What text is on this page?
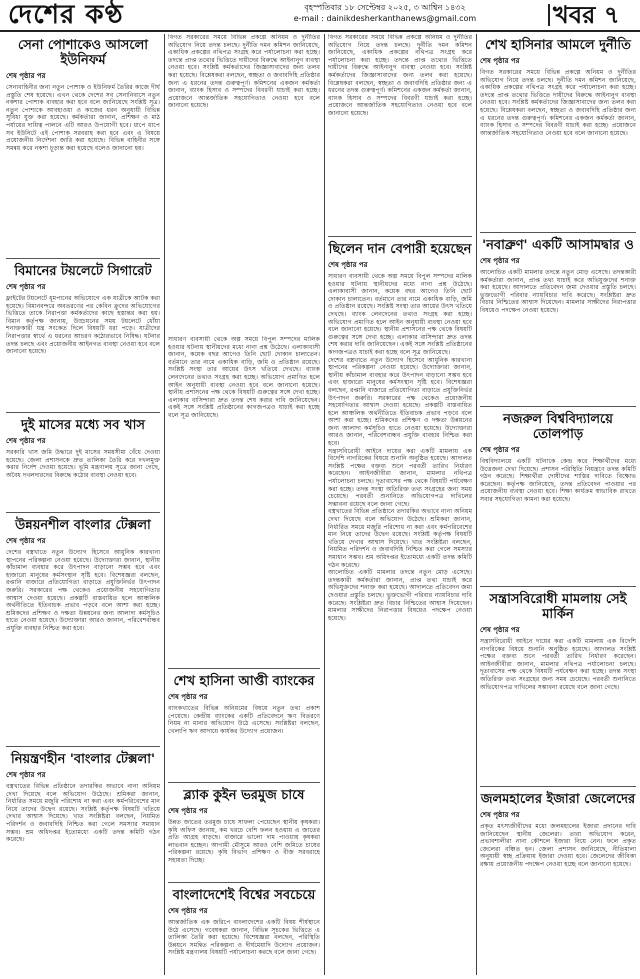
দেশের কণ্ঠ	বৃহস্পতিবার ১৮ সেপ্টেম্বর ২০২৫, ৩ আশ্বিন ১৪৩২
e-mail : dainikdesherkanthanews@gmail.com	খবর ৭
সেনা পোশাকেও আসলো ইউনিফর্ম
শেষ পৃষ্ঠার পর

সেনাবাহিনীর জন্য নতুন পোশাক ও ইউনিফর্ম তৈরির কাজে দীর্ঘ প্রস্তুতি শেষ হয়েছে। এখন থেকে দেশের সব সেনানিবাসে নতুন নকশার পোশাক ব্যবহার করা হবে বলে জানিয়েছে সংশ্লিষ্ট সূত্র। নতুন পোশাকে আবহাওয়া ও কাজের ধরন অনুযায়ী বিভিন্ন সুবিধা যুক্ত করা হয়েছে। কর্মকর্তারা জানান, প্রশিক্ষণ ও মাঠ পর্যায়ের দায়িত্ব পালনে এটি আরও উপযোগী হবে। ধাপে ধাপে সব ইউনিটে এই পোশাক সরবরাহ করা হবে এবং এ বিষয়ে প্রয়োজনীয় নির্দেশনা জারি করা হয়েছে। বিভিন্ন বাহিনীর সঙ্গে সমন্বয় করে নকশা চূড়ান্ত করা হয়েছে বলেও জানানো হয়।

বিমানের টয়লেটে সিগারেট
শেষ পৃষ্ঠার পর

ফ্লাইটের টয়লেটে ধূমপানের অভিযোগে এক যাত্রীকে আটক করা হয়েছে। বিমানবন্দরে অবতরণের পর কেবিন ক্রুদের অভিযোগের ভিত্তিতে তাকে নিরাপত্তা কর্মকর্তাদের কাছে হস্তান্তর করা হয়। বিমান কর্তৃপক্ষ জানায়, উড্ডয়নের সময় টয়লেটে ধোঁয়া শনাক্তকারী যন্ত্র সংকেত দিলে বিষয়টি ধরা পড়ে। যাত্রীদের নিরাপত্তার স্বার্থে এ ধরনের আচরণ কঠোরভাবে নিষিদ্ধ। ঘটনার তদন্ত চলছে এবং প্রয়োজনীয় আইনগত ব্যবস্থা নেওয়া হবে বলে জানানো হয়েছে।

দুই মাসের মধ্যে সব খাস
শেষ পৃষ্ঠার পর

সরকারি খাস জমি উদ্ধারে দুই মাসের সময়সীমা বেঁধে দেওয়া হয়েছে। জেলা প্রশাসনকে দ্রুত তালিকা তৈরি করে দখলমুক্ত করার নির্দেশ দেওয়া হয়েছে। ভূমি মন্ত্রণালয় সূত্রে জানা গেছে, অবৈধ দখলদারদের বিরুদ্ধে কঠোর ব্যবস্থা নেওয়া হবে।

উন্নয়নশীল বাংলার টেক্সলা
শেষ পৃষ্ঠার পর

দেশের বস্ত্রখাতে নতুন উদ্যোগ হিসেবে আধুনিক কারখানা স্থাপনের পরিকল্পনা নেওয়া হয়েছে। উদ্যোক্তারা জানান, স্থানীয় কাঁচামাল ব্যবহার করে উৎপাদন বাড়ানো সম্ভব হবে এবং হাজারো মানুষের কর্মসংস্থান সৃষ্টি হবে। বিশেষজ্ঞরা বলছেন, রপ্তানি বাজারে প্রতিযোগিতা বাড়াতে প্রযুক্তিনির্ভর উৎপাদন জরুরি। সরকারের পক্ষ থেকেও প্রয়োজনীয় সহযোগিতার আশ্বাস দেওয়া হয়েছে। প্রকল্পটি বাস্তবায়িত হলে আঞ্চলিক অর্থনীতিতে ইতিবাচক প্রভাব পড়বে বলে আশা করা হচ্ছে। শ্রমিকদের প্রশিক্ষণ ও দক্ষতা উন্নয়নের জন্য আলাদা কর্মসূচিও হাতে নেওয়া হয়েছে। উদ্যোক্তারা আরও জানান, পরিবেশবান্ধব প্রযুক্তি ব্যবহার নিশ্চিত করা হবে।

নিয়ন্ত্রণহীন 'বাংলার টেক্সলা'
শেষ পৃষ্ঠার পর

বস্ত্রখাতের বিভিন্ন প্রতিষ্ঠানে তদারকির অভাবে নানা অনিয়ম দেখা দিয়েছে বলে অভিযোগ উঠেছে। শ্রমিকরা জানান, নির্ধারিত সময়ে মজুরি পরিশোধ না করা এবং কর্মপরিবেশের মান নিয়ে তাদের উদ্বেগ রয়েছে। সংশ্লিষ্ট কর্তৃপক্ষ বিষয়টি খতিয়ে দেখার আশ্বাস দিয়েছে। খাত সংশ্লিষ্টরা বলছেন, নিয়মিত পরিদর্শন ও জবাবদিহি নিশ্চিত করা গেলে সমস্যার সমাধান সম্ভব। শ্রম অধিদপ্তর ইতোমধ্যে একটি তদন্ত কমিটি গঠন করেছে।

বিগত সরকারের সময়ে বিভিন্ন প্রকল্পে অনিয়ম ও দুর্নীতির অভিযোগ নিয়ে তদন্ত চলছে। দুর্নীতি দমন কমিশন জানিয়েছে, একাধিক প্রকল্পের নথিপত্র সংগ্রহ করে পর্যালোচনা করা হচ্ছে। তদন্তে প্রাপ্ত তথ্যের ভিত্তিতে দায়ীদের বিরুদ্ধে আইনানুগ ব্যবস্থা নেওয়া হবে। সংশ্লিষ্ট কর্মকর্তাদের জিজ্ঞাসাবাদের জন্য তলব করা হয়েছে। বিশ্লেষকরা বলছেন, স্বচ্ছতা ও জবাবদিহি প্রতিষ্ঠার জন্য এ ধরনের তদন্ত গুরুত্বপূর্ণ। কমিশনের একজন কর্মকর্তা জানান, ব্যাংক হিসাব ও সম্পদের বিবরণী যাচাই করা হচ্ছে। প্রয়োজনে আন্তর্জাতিক সহযোগিতাও নেওয়া হবে বলে জানানো হয়েছে।

সাধারণ ব্যবসায়ী থেকে অল্প সময়ে বিপুল সম্পদের মালিক হওয়ার ঘটনায় স্থানীয়দের মধ্যে নানা প্রশ্ন উঠেছে। এলাকাবাসী জানান, কয়েক বছর আগেও তিনি ছোট দোকান চালাতেন। বর্তমানে তার নামে একাধিক বাড়ি, জমি ও প্রতিষ্ঠান রয়েছে। সংশ্লিষ্ট সংস্থা তার আয়ের উৎস খতিয়ে দেখছে। ব্যাংক লেনদেনের তথ্যও সংগ্রহ করা হচ্ছে। অভিযোগ প্রমাণিত হলে আইন অনুযায়ী ব্যবস্থা নেওয়া হবে বলে জানানো হয়েছে। স্থানীয় প্রশাসনের পক্ষ থেকে বিষয়টি গুরুত্বের সঙ্গে দেখা হচ্ছে। এলাকার বাসিন্দারা দ্রুত তদন্ত শেষ করার দাবি জানিয়েছেন। একই সঙ্গে সংশ্লিষ্ট প্রতিষ্ঠানের কাগজপত্রও যাচাই করা হচ্ছে বলে সূত্র জানিয়েছে।

শেখ হাসিনা আপ্তী ব্যাংকের
শেষ পৃষ্ঠার পর

ব্যাংকখাতের বিভিন্ন অনিয়মের বিষয়ে নতুন তথ্য প্রকাশ পেয়েছে। কেন্দ্রীয় ব্যাংকের একটি প্রতিবেদনে ঋণ বিতরণে নিয়ম না মানার অভিযোগ উঠে এসেছে। সংশ্লিষ্টরা বলছেন, খেলাপি ঋণ আদায়ে কার্যকর উদ্যোগ প্রয়োজন।

ব্ল্যাক কুইন ভরমুজ চাষে
শেষ পৃষ্ঠার পর

উন্নত জাতের তরমুজ চাষে সাফল্য পেয়েছেন স্থানীয় কৃষকরা। কৃষি অফিস জানায়, কম খরচে বেশি ফলন হওয়ায় এ জাতের প্রতি আগ্রহ বাড়ছে। বাজারে ভালো দাম পাওয়ায় কৃষকরা লাভবান হচ্ছেন। আগামী মৌসুমে আরও বেশি জমিতে চাষের পরিকল্পনা রয়েছে। কৃষি বিভাগ প্রশিক্ষণ ও বীজ সরবরাহে সহায়তা দিচ্ছে।

বাংলাদেশেই বিশ্বের সবচেয়ে
শেষ পৃষ্ঠার পর

আন্তর্জাতিক এক জরিপে বাংলাদেশের একটি বিষয় শীর্ষস্থানে উঠে এসেছে। গবেষকরা জানান, বিভিন্ন সূচকের ভিত্তিতে এ তালিকা তৈরি করা হয়েছে। বিশেষজ্ঞরা বলছেন, পরিস্থিতি উন্নয়নে সমন্বিত পরিকল্পনা ও দীর্ঘমেয়াদি উদ্যোগ প্রয়োজন। সংশ্লিষ্ট মন্ত্রণালয় বিষয়টি পর্যালোচনা করছে বলে জানা গেছে।

বিগত সরকারের সময়ে বিভিন্ন প্রকল্পে অনিয়ম ও দুর্নীতির অভিযোগ নিয়ে তদন্ত চলছে। দুর্নীতি দমন কমিশন জানিয়েছে, একাধিক প্রকল্পের নথিপত্র সংগ্রহ করে পর্যালোচনা করা হচ্ছে। তদন্তে প্রাপ্ত তথ্যের ভিত্তিতে দায়ীদের বিরুদ্ধে আইনানুগ ব্যবস্থা নেওয়া হবে। সংশ্লিষ্ট কর্মকর্তাদের জিজ্ঞাসাবাদের জন্য তলব করা হয়েছে। বিশ্লেষকরা বলছেন, স্বচ্ছতা ও জবাবদিহি প্রতিষ্ঠার জন্য এ ধরনের তদন্ত গুরুত্বপূর্ণ। কমিশনের একজন কর্মকর্তা জানান, ব্যাংক হিসাব ও সম্পদের বিবরণী যাচাই করা হচ্ছে। প্রয়োজনে আন্তর্জাতিক সহযোগিতাও নেওয়া হবে বলে জানানো হয়েছে।

ছিলেন দান বেপারী হয়েছেন
শেষ পৃষ্ঠার পর

সাধারণ ব্যবসায়ী থেকে অল্প সময়ে বিপুল সম্পদের মালিক হওয়ার ঘটনায় স্থানীয়দের মধ্যে নানা প্রশ্ন উঠেছে। এলাকাবাসী জানান, কয়েক বছর আগেও তিনি ছোট দোকান চালাতেন। বর্তমানে তার নামে একাধিক বাড়ি, জমি ও প্রতিষ্ঠান রয়েছে। সংশ্লিষ্ট সংস্থা তার আয়ের উৎস খতিয়ে দেখছে। ব্যাংক লেনদেনের তথ্যও সংগ্রহ করা হচ্ছে। অভিযোগ প্রমাণিত হলে আইন অনুযায়ী ব্যবস্থা নেওয়া হবে বলে জানানো হয়েছে। স্থানীয় প্রশাসনের পক্ষ থেকে বিষয়টি গুরুত্বের সঙ্গে দেখা হচ্ছে। এলাকার বাসিন্দারা দ্রুত তদন্ত শেষ করার দাবি জানিয়েছেন। একই সঙ্গে সংশ্লিষ্ট প্রতিষ্ঠানের কাগজপত্রও যাচাই করা হচ্ছে বলে সূত্র জানিয়েছে।

দেশের বস্ত্রখাতে নতুন উদ্যোগ হিসেবে আধুনিক কারখানা স্থাপনের পরিকল্পনা নেওয়া হয়েছে। উদ্যোক্তারা জানান, স্থানীয় কাঁচামাল ব্যবহার করে উৎপাদন বাড়ানো সম্ভব হবে এবং হাজারো মানুষের কর্মসংস্থান সৃষ্টি হবে। বিশেষজ্ঞরা বলছেন, রপ্তানি বাজারে প্রতিযোগিতা বাড়াতে প্রযুক্তিনির্ভর উৎপাদন জরুরি। সরকারের পক্ষ থেকেও প্রয়োজনীয় সহযোগিতার আশ্বাস দেওয়া হয়েছে। প্রকল্পটি বাস্তবায়িত হলে আঞ্চলিক অর্থনীতিতে ইতিবাচক প্রভাব পড়বে বলে আশা করা হচ্ছে। শ্রমিকদের প্রশিক্ষণ ও দক্ষতা উন্নয়নের জন্য আলাদা কর্মসূচিও হাতে নেওয়া হয়েছে। উদ্যোক্তারা আরও জানান, পরিবেশবান্ধব প্রযুক্তি ব্যবহার নিশ্চিত করা হবে।

সন্ত্রাসবিরোধী আইনে দায়ের করা একটি মামলায় এক বিদেশি নাগরিকের বিষয়ে শুনানি অনুষ্ঠিত হয়েছে। আদালত সংশ্লিষ্ট পক্ষের বক্তব্য শুনে পরবর্তী তারিখ নির্ধারণ করেছেন। আইনজীবীরা জানান, মামলার নথিপত্র পর্যালোচনা চলছে। দূতাবাসের পক্ষ থেকে বিষয়টি পর্যবেক্ষণ করা হচ্ছে। তদন্ত সংস্থা অতিরিক্ত তথ্য সংগ্রহের জন্য সময় চেয়েছে। পরবর্তী শুনানিতে অভিযোগপত্র দাখিলের সম্ভাবনা রয়েছে বলে জানা গেছে।

বস্ত্রখাতের বিভিন্ন প্রতিষ্ঠানে তদারকির অভাবে নানা অনিয়ম দেখা দিয়েছে বলে অভিযোগ উঠেছে। শ্রমিকরা জানান, নির্ধারিত সময়ে মজুরি পরিশোধ না করা এবং কর্মপরিবেশের মান নিয়ে তাদের উদ্বেগ রয়েছে। সংশ্লিষ্ট কর্তৃপক্ষ বিষয়টি খতিয়ে দেখার আশ্বাস দিয়েছে। খাত সংশ্লিষ্টরা বলছেন, নিয়মিত পরিদর্শন ও জবাবদিহি নিশ্চিত করা গেলে সমস্যার সমাধান সম্ভব। শ্রম অধিদপ্তর ইতোমধ্যে একটি তদন্ত কমিটি গঠন করেছে।

আলোচিত একটি মামলার তদন্তে নতুন মোড় এসেছে। তদন্তকারী কর্মকর্তারা জানান, প্রাপ্ত তথ্য যাচাই করে অভিযুক্তদের শনাক্ত করা হয়েছে। আদালতে প্রতিবেদন জমা দেওয়ার প্রস্তুতি চলছে। ভুক্তভোগী পরিবার ন্যায়বিচার দাবি করেছে। সংশ্লিষ্টরা দ্রুত বিচার নিশ্চিতের আশ্বাস দিয়েছেন। মামলার সাক্ষীদের নিরাপত্তার বিষয়েও পদক্ষেপ নেওয়া হয়েছে।

শেখ হাসিনার আমলে দুর্নীতি
শেষ পৃষ্ঠার পর

বিগত সরকারের সময়ে বিভিন্ন প্রকল্পে অনিয়ম ও দুর্নীতির অভিযোগ নিয়ে তদন্ত চলছে। দুর্নীতি দমন কমিশন জানিয়েছে, একাধিক প্রকল্পের নথিপত্র সংগ্রহ করে পর্যালোচনা করা হচ্ছে। তদন্তে প্রাপ্ত তথ্যের ভিত্তিতে দায়ীদের বিরুদ্ধে আইনানুগ ব্যবস্থা নেওয়া হবে। সংশ্লিষ্ট কর্মকর্তাদের জিজ্ঞাসাবাদের জন্য তলব করা হয়েছে। বিশ্লেষকরা বলছেন, স্বচ্ছতা ও জবাবদিহি প্রতিষ্ঠার জন্য এ ধরনের তদন্ত গুরুত্বপূর্ণ। কমিশনের একজন কর্মকর্তা জানান, ব্যাংক হিসাব ও সম্পদের বিবরণী যাচাই করা হচ্ছে। প্রয়োজনে আন্তর্জাতিক সহযোগিতাও নেওয়া হবে বলে জানানো হয়েছে।

'নবাব্রুণ' একটি আসামদ্বার ও
শেষ পৃষ্ঠার পর

আলোচিত একটি মামলার তদন্তে নতুন মোড় এসেছে। তদন্তকারী কর্মকর্তারা জানান, প্রাপ্ত তথ্য যাচাই করে অভিযুক্তদের শনাক্ত করা হয়েছে। আদালতে প্রতিবেদন জমা দেওয়ার প্রস্তুতি চলছে। ভুক্তভোগী পরিবার ন্যায়বিচার দাবি করেছে। সংশ্লিষ্টরা দ্রুত বিচার নিশ্চিতের আশ্বাস দিয়েছেন। মামলার সাক্ষীদের নিরাপত্তার বিষয়েও পদক্ষেপ নেওয়া হয়েছে।

নজরুল বিশ্ববিদ্যালয়ে তোলপাড়
শেষ পৃষ্ঠার পর

বিশ্ববিদ্যালয়ে একটি ঘটনাকে কেন্দ্র করে শিক্ষার্থীদের মধ্যে উত্তেজনা দেখা দিয়েছে। প্রশাসন পরিস্থিতি নিয়ন্ত্রণে তদন্ত কমিটি গঠন করেছে। শিক্ষার্থীরা দোষীদের শাস্তির দাবিতে বিক্ষোভ করেছেন। কর্তৃপক্ষ জানিয়েছে, তদন্ত প্রতিবেদন পাওয়ার পর প্রয়োজনীয় ব্যবস্থা নেওয়া হবে। শিক্ষা কার্যক্রম স্বাভাবিক রাখতে সবার সহযোগিতা কামনা করা হয়েছে।

সন্ত্রাসবিরোধী মামলায় সেই মার্কিন
শেষ পৃষ্ঠার পর

সন্ত্রাসবিরোধী আইনে দায়ের করা একটি মামলায় এক বিদেশি নাগরিকের বিষয়ে শুনানি অনুষ্ঠিত হয়েছে। আদালত সংশ্লিষ্ট পক্ষের বক্তব্য শুনে পরবর্তী তারিখ নির্ধারণ করেছেন। আইনজীবীরা জানান, মামলার নথিপত্র পর্যালোচনা চলছে। দূতাবাসের পক্ষ থেকে বিষয়টি পর্যবেক্ষণ করা হচ্ছে। তদন্ত সংস্থা অতিরিক্ত তথ্য সংগ্রহের জন্য সময় চেয়েছে। পরবর্তী শুনানিতে অভিযোগপত্র দাখিলের সম্ভাবনা রয়েছে বলে জানা গেছে।

জলমহালের ইজারা জেলেদের
শেষ পৃষ্ঠার পর

প্রকৃত মৎস্যজীবীদের মধ্যে জলমহালের ইজারা প্রদানের দাবি জানিয়েছেন স্থানীয় জেলেরা। তারা অভিযোগ করেন, প্রভাবশালীরা নানা কৌশলে ইজারা নিয়ে নেন। ফলে প্রকৃত জেলেরা বঞ্চিত হন। জেলা প্রশাসন জানিয়েছে, নীতিমালা অনুযায়ী স্বচ্ছ প্রক্রিয়ায় ইজারা দেওয়া হবে। জেলেদের জীবিকা রক্ষায় প্রয়োজনীয় পদক্ষেপ নেওয়া হচ্ছে বলে জানানো হয়েছে।
